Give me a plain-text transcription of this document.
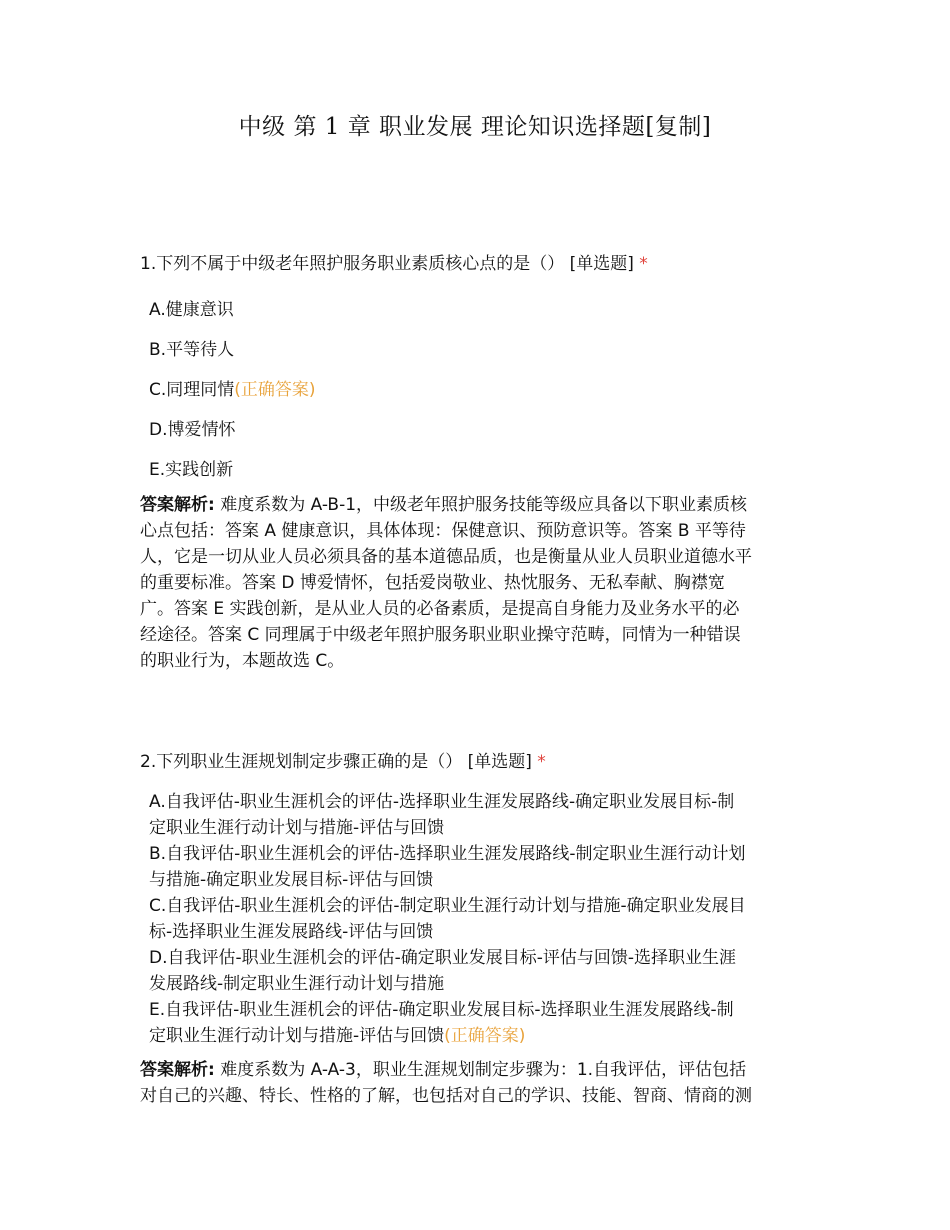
中级 第 1 章 职业发展 理论知识选择题[复制]
1.下列不属于中级老年照护服务职业素质核心点的是（） [单选题] *
A.健康意识
B.平等待人
C.同理同情(正确答案)
D.博爱情怀
E.实践创新
答案解析: 难度系数为 A-B-1，中级老年照护服务技能等级应具备以下职业素质核
心点包括：答案 A 健康意识，具体体现：保健意识、预防意识等。答案 B 平等待
人，它是一切从业人员必须具备的基本道德品质，也是衡量从业人员职业道德水平
的重要标准。答案 D 博爱情怀，包括爱岗敬业、热忱服务、无私奉献、胸襟宽
广。答案 E 实践创新，是从业人员的必备素质，是提高自身能力及业务水平的必
经途径。答案 C 同理属于中级老年照护服务职业职业操守范畴，同情为一种错误
的职业行为，本题故选 C。
2.下列职业生涯规划制定步骤正确的是（） [单选题] *
A.自我评估-职业生涯机会的评估-选择职业生涯发展路线-确定职业发展目标-制
定职业生涯行动计划与措施-评估与回馈
B.自我评估-职业生涯机会的评估-选择职业生涯发展路线-制定职业生涯行动计划
与措施-确定职业发展目标-评估与回馈
C.自我评估-职业生涯机会的评估-制定职业生涯行动计划与措施-确定职业发展目
标-选择职业生涯发展路线-评估与回馈
D.自我评估-职业生涯机会的评估-确定职业发展目标-评估与回馈-选择职业生涯
发展路线-制定职业生涯行动计划与措施
E.自我评估-职业生涯机会的评估-确定职业发展目标-选择职业生涯发展路线-制
定职业生涯行动计划与措施-评估与回馈(正确答案)
答案解析: 难度系数为 A-A-3，职业生涯规划制定步骤为：1.自我评估，评估包括
对自己的兴趣、特长、性格的了解，也包括对自己的学识、技能、智商、情商的测
